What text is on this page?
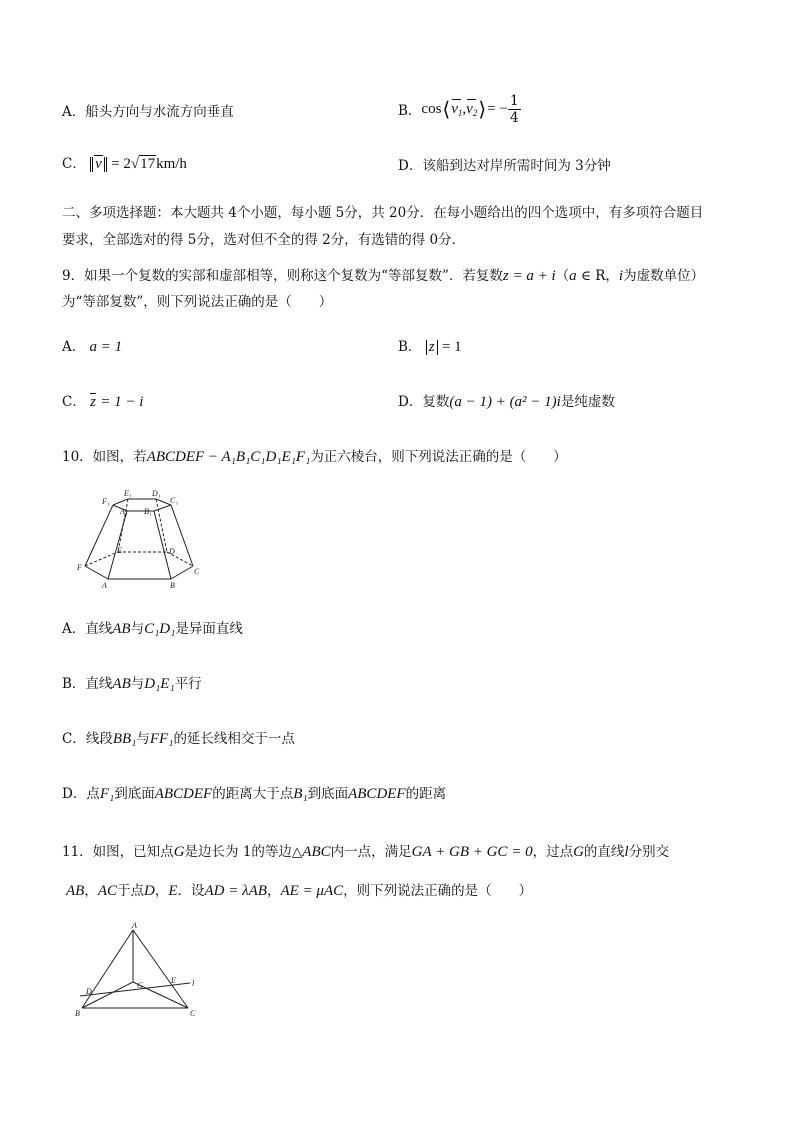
A．船头方向与水流方向垂直	B． cos ⟨ $v_1$ , $v_2$ ⟩ = − $\frac{1}{4}$
C． v = 2√17km/h	D．该船到达对岸所需时间为 3分钟
二、多项选择题：本大题共 4个小题，每小题 5分，共 20分．在每小题给出的四个选项中，有多项符合题目
要求，全部选对的得 5分，选对但不全的得 2分，有选错的得 0分．
9．如果一个复数的实部和虚部相等，则称这个复数为“等部复数”．若复数z = a + i（a ∈ R，i为虚数单位）
为“等部复数”，则下列说法正确的是（　　）
A． a = 1	B． z = 1
C． z = 1 − i	D．复数(a − 1) + (a² − 1)i是纯虚数
10．如图，若ABCDEF − A₁B₁C₁D₁E₁F₁为正六棱台，则下列说法正确的是（　　）
F₁
E₁	D₁
C₁
A₁ B₁
E	D
F	C
A	B
A．直线AB与C₁D₁是异面直线
B．直线AB与D₁E₁平行
C．线段BB₁与FF₁的延长线相交于一点
D．点F₁到底面ABCDEF的距离大于点B₁到底面ABCDEF的距离
11．如图，已知点G是边长为 1的等边△ABC内一点，满足GA + GB + GC = 0，过点G的直线l分别交
AB，AC于点D，E．设AD = λAB，AE = μAC，则下列说法正确的是（　　）
A
B	C
D
E
G	l
